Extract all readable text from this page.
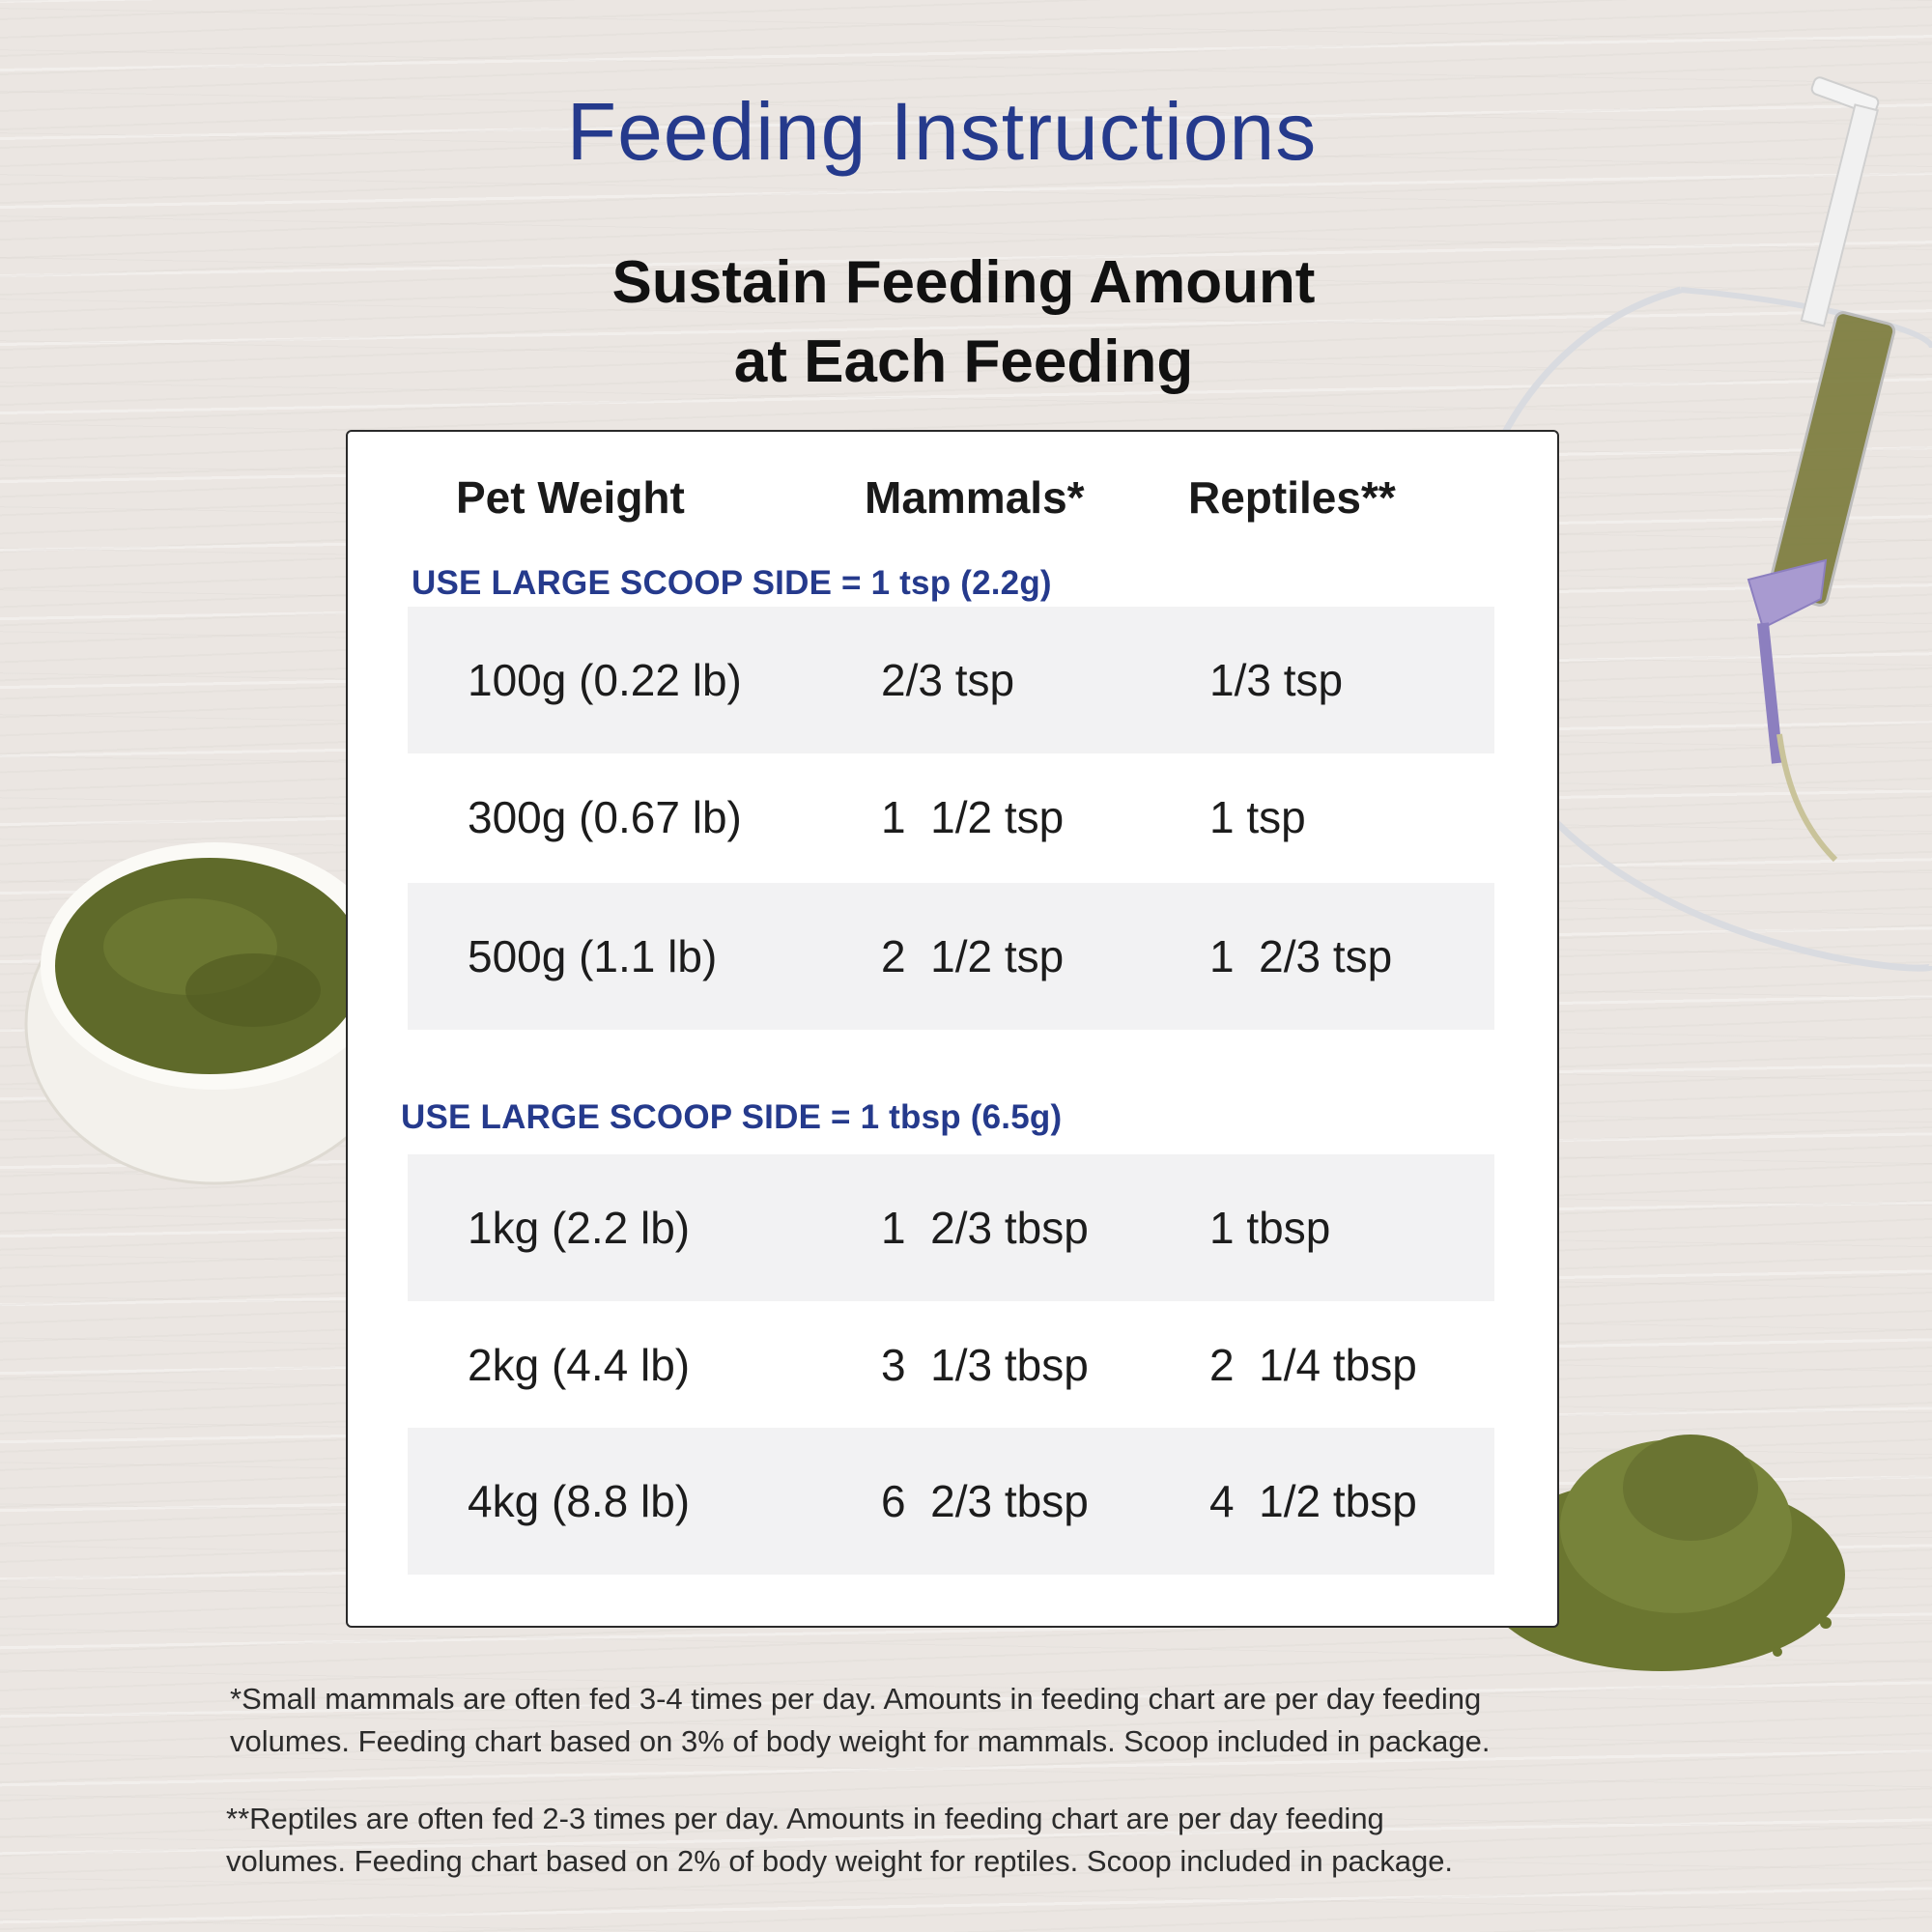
Feeding Instructions
Sustain Feeding Amount
at Each Feeding
Pet Weight	Mammals* Reptiles**
USE LARGE SCOOP SIDE = 1 tsp (2.2g)
100g (0.22 lb)	2/3 tsp	1/3 tsp
300g (0.67 lb)	1  1/2 tsp	1 tsp
500g (1.1 lb)	2  1/2 tsp	1  2/3 tsp
USE LARGE SCOOP SIDE = 1 tbsp (6.5g)
1kg (2.2 lb)	1  2/3 tbsp	1 tbsp
2kg (4.4 lb)	3  1/3 tbsp	2  1/4 tbsp
4kg (8.8 lb)	6  2/3 tbsp	4  1/2 tbsp
*Small mammals are often fed 3-4 times per day. Amounts in feeding chart are per day feeding
volumes. Feeding chart based on 3% of body weight for mammals. Scoop included in package.
**Reptiles are often fed 2-3 times per day. Amounts in feeding chart are per day feeding
volumes. Feeding chart based on 2% of body weight for reptiles. Scoop included in package.
